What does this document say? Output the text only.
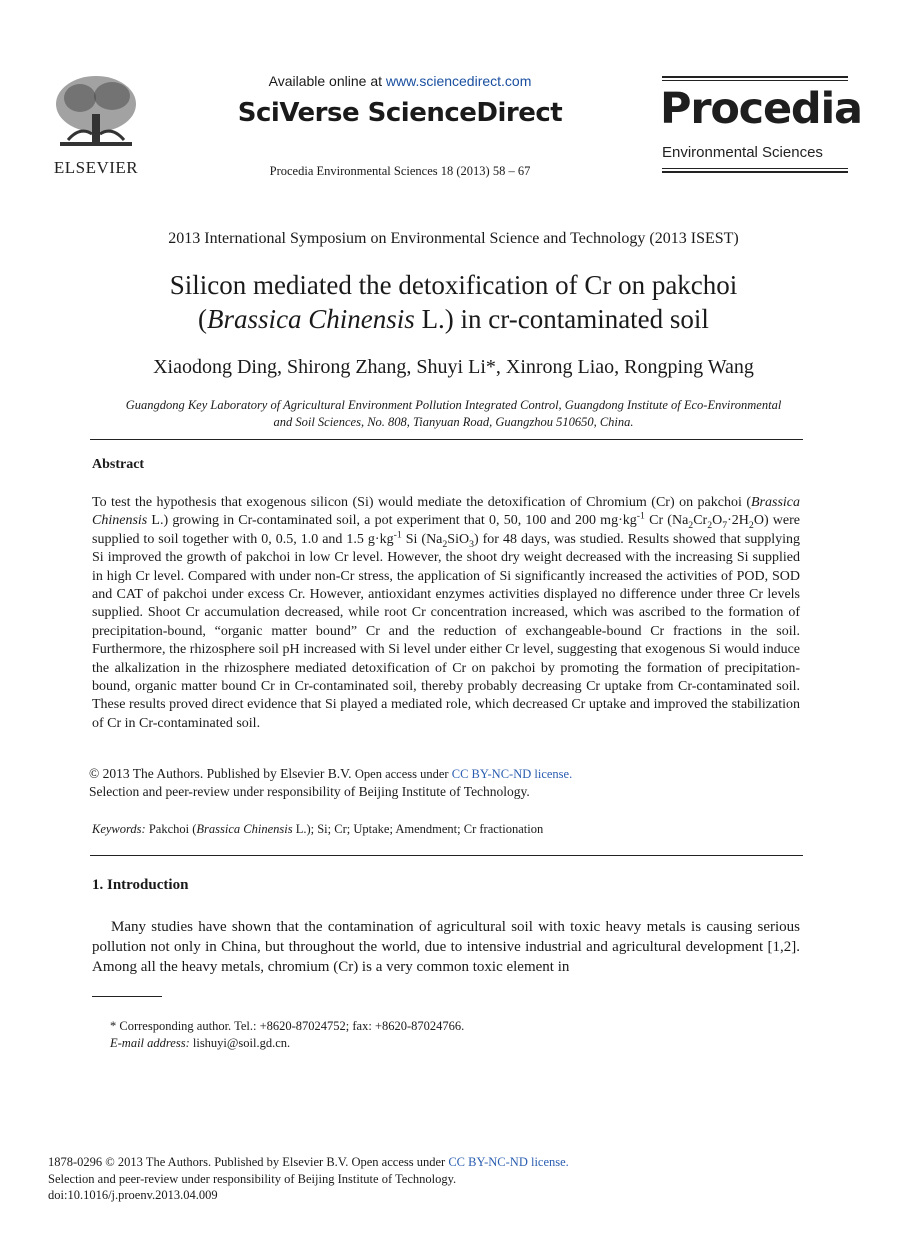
ELSEVIER
Available online at www.sciencedirect.com
SciVerse ScienceDirect
Procedia Environmental Sciences 18 (2013) 58 – 67
Procedia
Environmental Sciences
2013 International Symposium on Environmental Science and Technology (2013 ISEST)
Silicon mediated the detoxification of Cr on pakchoi
(Brassica Chinensis L.) in cr-contaminated soil
Xiaodong Ding, Shirong Zhang, Shuyi Li*, Xinrong Liao, Rongping Wang
Guangdong Key Laboratory of Agricultural Environment Pollution Integrated Control, Guangdong Institute of Eco-Environmental
and Soil Sciences, No. 808, Tianyuan Road, Guangzhou 510650, China.
Abstract
To test the hypothesis that exogenous silicon (Si) would mediate the detoxification of Chromium (Cr) on pakchoi (Brassica Chinensis L.) growing in Cr-contaminated soil, a pot experiment that 0, 50, 100 and 200 $mg\cdot kg^{-1}$ Cr $(Na_2Cr_2O_7\cdot 2H_2O)$ were supplied to soil together with 0, 0.5, 1.0 and 1.5 $g\cdot kg^{-1}$ Si $(Na_2SiO_3)$ for 48 days, was studied. Results showed that supplying Si improved the growth of pakchoi in low Cr level. However, the shoot dry weight decreased with the increasing Si supplied in high Cr level. Compared with under non-Cr stress, the application of Si significantly increased the activities of POD, SOD and CAT of pakchoi under excess Cr. However, antioxidant enzymes activities displayed no difference under three Cr levels supplied. Shoot Cr accumulation decreased, while root Cr concentration increased, which was ascribed to the formation of precipitation-bound, “organic matter bound” Cr and the reduction of exchangeable-bound Cr fractions in the soil. Furthermore, the rhizosphere soil pH increased with Si level under either Cr level, suggesting that exogenous Si would induce the alkalization in the rhizosphere mediated detoxification of Cr on pakchoi by promoting the formation of precipitation-bound, organic matter bound Cr in Cr-contaminated soil, thereby probably decreasing Cr uptake from Cr-contaminated soil. These results proved direct evidence that Si played a mediated role, which decreased Cr uptake and improved the stabilization of Cr in Cr-contaminated soil.
© 2013 The Authors. Published by Elsevier B.V. Open access under CC BY-NC-ND license.
Selection and peer-review under responsibility of Beijing Institute of Technology.
Keywords: Pakchoi (Brassica Chinensis L.); Si; Cr; Uptake; Amendment; Cr fractionation
1. Introduction
Many studies have shown that the contamination of agricultural soil with toxic heavy metals is causing serious pollution not only in China, but throughout the world, due to intensive industrial and agricultural development [1,2]. Among all the heavy metals, chromium (Cr) is a very common toxic element in
* Corresponding author. Tel.: +8620-87024752; fax: +8620-87024766.
E-mail address: lishuyi@soil.gd.cn.
1878-0296 © 2013 The Authors. Published by Elsevier B.V. Open access under CC BY-NC-ND license.
Selection and peer-review under responsibility of Beijing Institute of Technology.
doi:10.1016/j.proenv.2013.04.009
